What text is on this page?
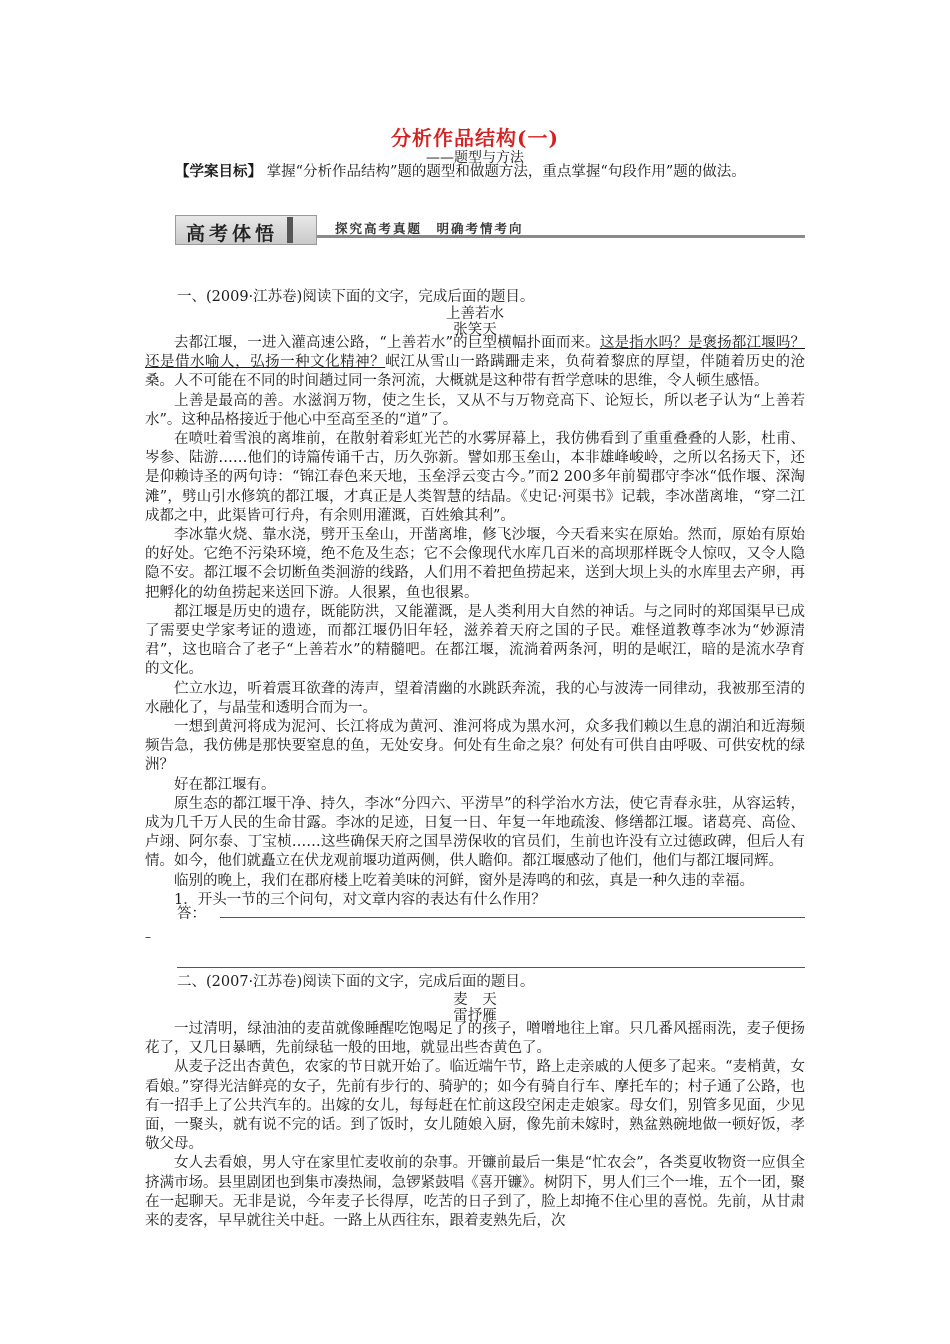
分析作品结构(一)
——题型与方法
【学案目标】 掌握“分析作品结构”题的题型和做题方法，重点掌握“句段作用”题的做法。
高考体悟	探究高考真题　明确考情考向
一、(2009·江苏卷)阅读下面的文字，完成后面的题目。
上善若水
张笑天

去都江堰，一进入灌高速公路，“上善若水”的巨型横幅扑面而来。这是指水吗？是褒扬都江堰吗？还是借水喻人，弘扬一种文化精神？岷江从雪山一路蹒跚走来，负荷着黎庶的厚望，伴随着历史的沧桑。人不可能在不同的时间趟过同一条河流，大概就是这种带有哲学意味的思维，令人顿生感悟。

上善是最高的善。水滋润万物，使之生长，又从不与万物竞高下、论短长，所以老子认为“上善若水”。这种品格接近于他心中至高至圣的“道”了。

在喷吐着雪浪的离堆前，在散射着彩虹光芒的水雾屏幕上，我仿佛看到了重重叠叠的人影，杜甫、岑参、陆游……他们的诗篇传诵千古，历久弥新。譬如那玉垒山，本非雄峰峻岭，之所以名扬天下，还是仰赖诗圣的两句诗：“锦江春色来天地，玉垒浮云变古今。”而2 200多年前蜀郡守李冰“低作堰、深淘滩”，劈山引水修筑的都江堰，才真正是人类智慧的结晶。《史记·河渠书》记载，李冰凿离堆，“穿二江成都之中，此渠皆可行舟，有余则用灌溉，百姓飨其利”。

李冰靠火烧、靠水浇，劈开玉垒山，开凿离堆，修飞沙堰，今天看来实在原始。然而，原始有原始的好处。它绝不污染环境，绝不危及生态；它不会像现代水库几百米的高坝那样既令人惊叹，又令人隐隐不安。都江堰不会切断鱼类洄游的线路，人们用不着把鱼捞起来，送到大坝上头的水库里去产卵，再把孵化的幼鱼捞起来送回下游。人很累，鱼也很累。

都江堰是历史的遗存，既能防洪，又能灌溉，是人类利用大自然的神话。与之同时的郑国渠早已成了需要史学家考证的遗迹，而都江堰仍旧年轻，滋养着天府之国的子民。难怪道教尊李冰为“妙源清君”，这也暗合了老子“上善若水”的精髓吧。在都江堰，流淌着两条河，明的是岷江，暗的是流水孕育的文化。

伫立水边，听着震耳欲聋的涛声，望着清幽的水跳跃奔流，我的心与波涛一同律动，我被那至清的水融化了，与晶莹和透明合而为一。

一想到黄河将成为泥河、长江将成为黄河、淮河将成为黑水河，众多我们赖以生息的湖泊和近海频频告急，我仿佛是那快要窒息的鱼，无处安身。何处有生命之泉？何处有可供自由呼吸、可供安枕的绿洲？

好在都江堰有。

原生态的都江堰干净、持久，李冰“分四六、平涝旱”的科学治水方法，使它青春永驻，从容运转，成为几千万人民的生命甘露。李冰的足迹，日复一日、年复一年地疏浚、修缮都江堰。诸葛亮、高俭、卢翊、阿尔泰、丁宝桢……这些确保天府之国旱涝保收的官员们，生前也许没有立过德政碑，但后人有情。如今，他们就矗立在伏龙观前堰功道两侧，供人瞻仰。都江堰感动了他们，他们与都江堰同辉。

临别的晚上，我们在郡府楼上吃着美味的河鲜，窗外是涛鸣的和弦，真是一种久违的幸福。

1．开头一节的三个问句，对文章内容的表达有什么作用？

答：
–
二、(2007·江苏卷)阅读下面的文字，完成后面的题目。
麦　天
雷抒雁

一过清明，绿油油的麦苗就像睡醒吃饱喝足了的孩子，噌噌地往上窜。只几番风摇雨洗，麦子便扬花了，又几日暴晒，先前绿毡一般的田地，就显出些杏黄色了。

从麦子泛出杏黄色，农家的节日就开始了。临近端午节，路上走亲戚的人便多了起来。“麦梢黄，女看娘。”穿得光洁鲜亮的女子，先前有步行的、骑驴的；如今有骑自行车、摩托车的；村子通了公路，也有一招手上了公共汽车的。出嫁的女儿，每每赶在忙前这段空闲走走娘家。母女们，别管多见面，少见面，一聚头，就有说不完的话。到了饭时，女儿随娘入厨，像先前未嫁时，熟盆熟碗地做一顿好饭，孝敬父母。

女人去看娘，男人守在家里忙麦收前的杂事。开镰前最后一集是“忙农会”，各类夏收物资一应俱全挤满市场。县里剧团也到集市凑热闹，急锣紧鼓唱《喜开镰》。树阴下，男人们三个一堆，五个一团，聚在一起聊天。无非是说，今年麦子长得厚，吃苦的日子到了，脸上却掩不住心里的喜悦。先前，从甘肃来的麦客，早早就往关中赶。一路上从西往东，跟着麦熟先后，次
